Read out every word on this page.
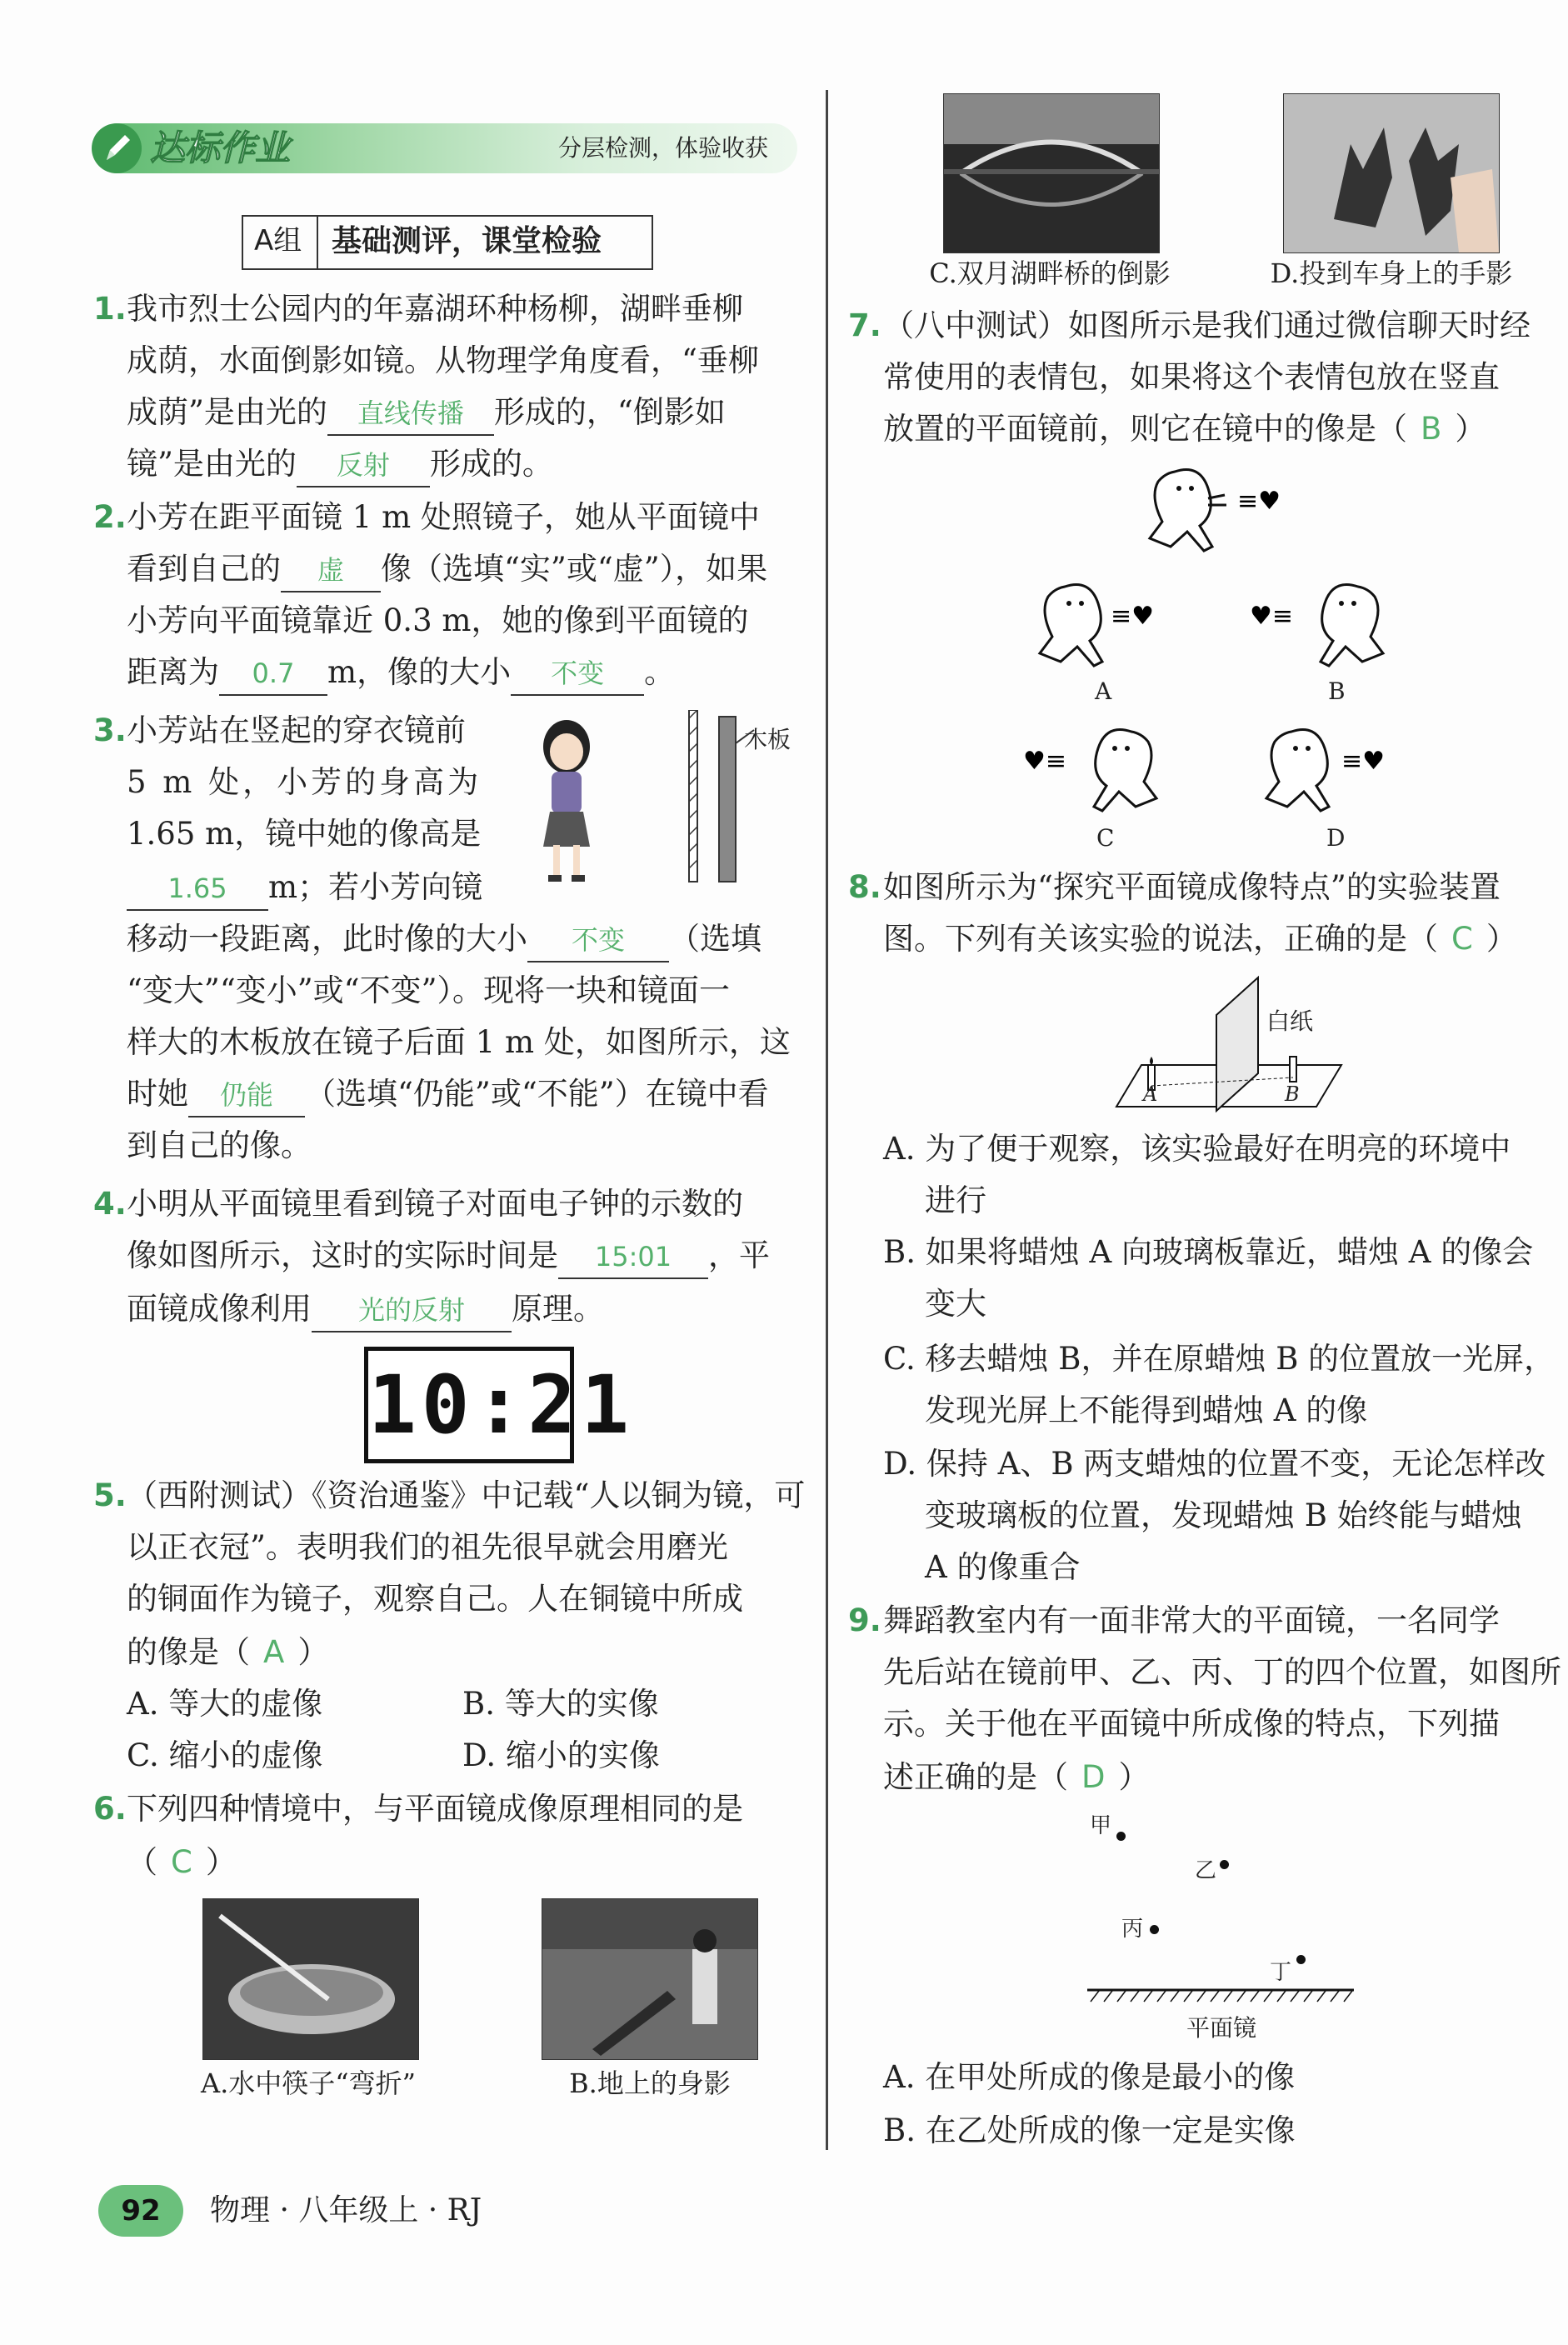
达标作业	分层检测，体验收获
A组 基础测评，课堂检验
1. 我市烈士公园内的年嘉湖环种杨柳，湖畔垂柳
成荫，水面倒影如镜。从物理学角度看，“垂柳
成荫”是由光的 直线传播 形成的，“倒影如
镜”是由光的 反射 形成的。
2. 小芳在距平面镜 1 m 处照镜子，她从平面镜中
看到自己的 虚 像（选填“实”或“虚”），如果
小芳向平面镜靠近 0.3 m，她的像到平面镜的
距离为 0.7 m，像的大小 不变 。
3. 小芳站在竖起的穿衣镜前
5 m 处，小芳的身高为
1.65 m，镜中她的像高是
1.65 m；若小芳向镜
移动一段距离，此时像的大小 不变 （选填
“变大”“变小”或“不变”）。现将一块和镜面一
样大的木板放在镜子后面 1 m 处，如图所示，这
时她 仍能 （选填“仍能”或“不能”）在镜中看
到自己的像。
木板
4. 小明从平面镜里看到镜子对面电子钟的示数的
像如图所示，这时的实际时间是 15:01 ，平
面镜成像利用 光的反射 原理。
10:21
5. （西附测试）《资治通鉴》中记载“人以铜为镜，可
以正衣冠”。表明我们的祖先很早就会用磨光
的铜面作为镜子，观察自己。人在铜镜中所成
的像是（ A ）
A. 等大的虚像	B. 等大的实像
C. 缩小的虚像	D. 缩小的实像
6. 下列四种情境中，与平面镜成像原理相同的是
（ C ）
A.水中筷子“弯折”	B.地上的身影
C.双月湖畔桥的倒影	D.投到车身上的手影
7. （八中测试）如图所示是我们通过微信聊天时经
常使用的表情包，如果将这个表情包放在竖直
放置的平面镜前，则它在镜中的像是（ B ）
≡♥
≡♥
A
♥≡
B
♥≡
C
≡♥
D
8. 如图所示为“探究平面镜成像特点”的实验装置
图。下列有关该实验的说法，正确的是（ C ）
白纸
A	B
A. 为了便于观察，该实验最好在明亮的环境中
进行
B. 如果将蜡烛 A 向玻璃板靠近，蜡烛 A 的像会
变大
C. 移去蜡烛 B，并在原蜡烛 B 的位置放一光屏，
发现光屏上不能得到蜡烛 A 的像
D. 保持 A、B 两支蜡烛的位置不变，无论怎样改
变玻璃板的位置，发现蜡烛 B 始终能与蜡烛
A 的像重合
9. 舞蹈教室内有一面非常大的平面镜，一名同学
先后站在镜前甲、乙、丙、丁的四个位置，如图所
示。关于他在平面镜中所成像的特点，下列描
述正确的是（ D ）
甲
乙
丙
丁
平面镜
A. 在甲处所成的像是最小的像
B. 在乙处所成的像一定是实像
92	物理 · 八年级上 · RJ
